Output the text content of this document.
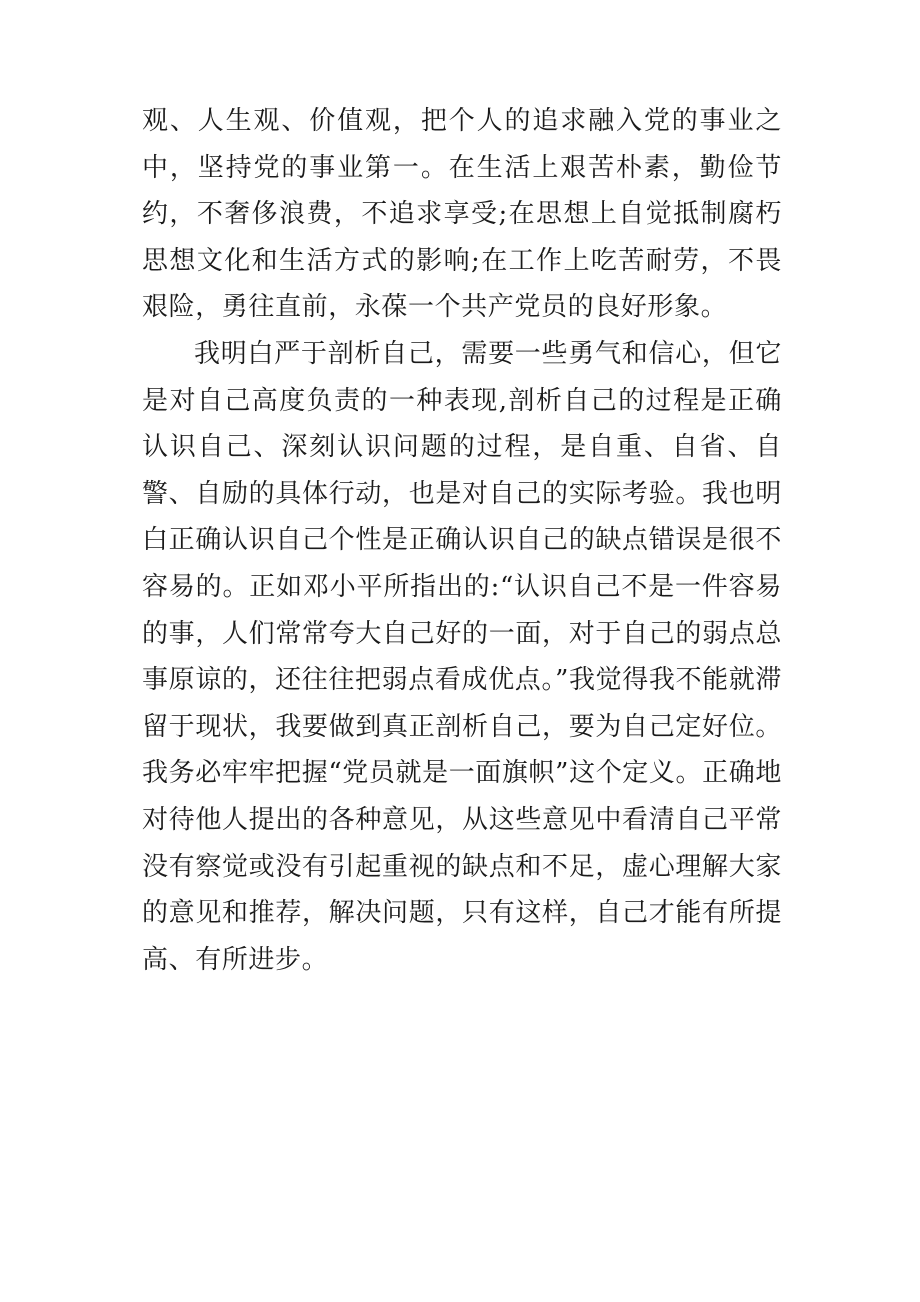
观、人生观、价值观，把个人的追求融入党的事业之中，坚持党的事业第一。在生活上艰苦朴素，勤俭节约，不奢侈浪费，不追求享受;在思想上自觉抵制腐朽思想文化和生活方式的影响;在工作上吃苦耐劳，不畏艰险，勇往直前，永葆一个共产党员的良好形象。

我明白严于剖析自己，需要一些勇气和信心，但它是对自己高度负责的一种表现,剖析自己的过程是正确认识自己、深刻认识问题的过程，是自重、自省、自警、自励的具体行动，也是对自己的实际考验。我也明白正确认识自己个性是正确认识自己的缺点错误是很不容易的。正如邓小平所指出的:“认识自己不是一件容易的事，人们常常夸大自己好的一面，对于自己的弱点总事原谅的，还往往把弱点看成优点。”我觉得我不能就滞留于现状，我要做到真正剖析自己，要为自己定好位。我务必牢牢把握“党员就是一面旗帜”这个定义。正确地对待他人提出的各种意见，从这些意见中看清自己平常没有察觉或没有引起重视的缺点和不足，虚心理解大家的意见和推荐，解决问题，只有这样，自己才能有所提高、有所进步。
